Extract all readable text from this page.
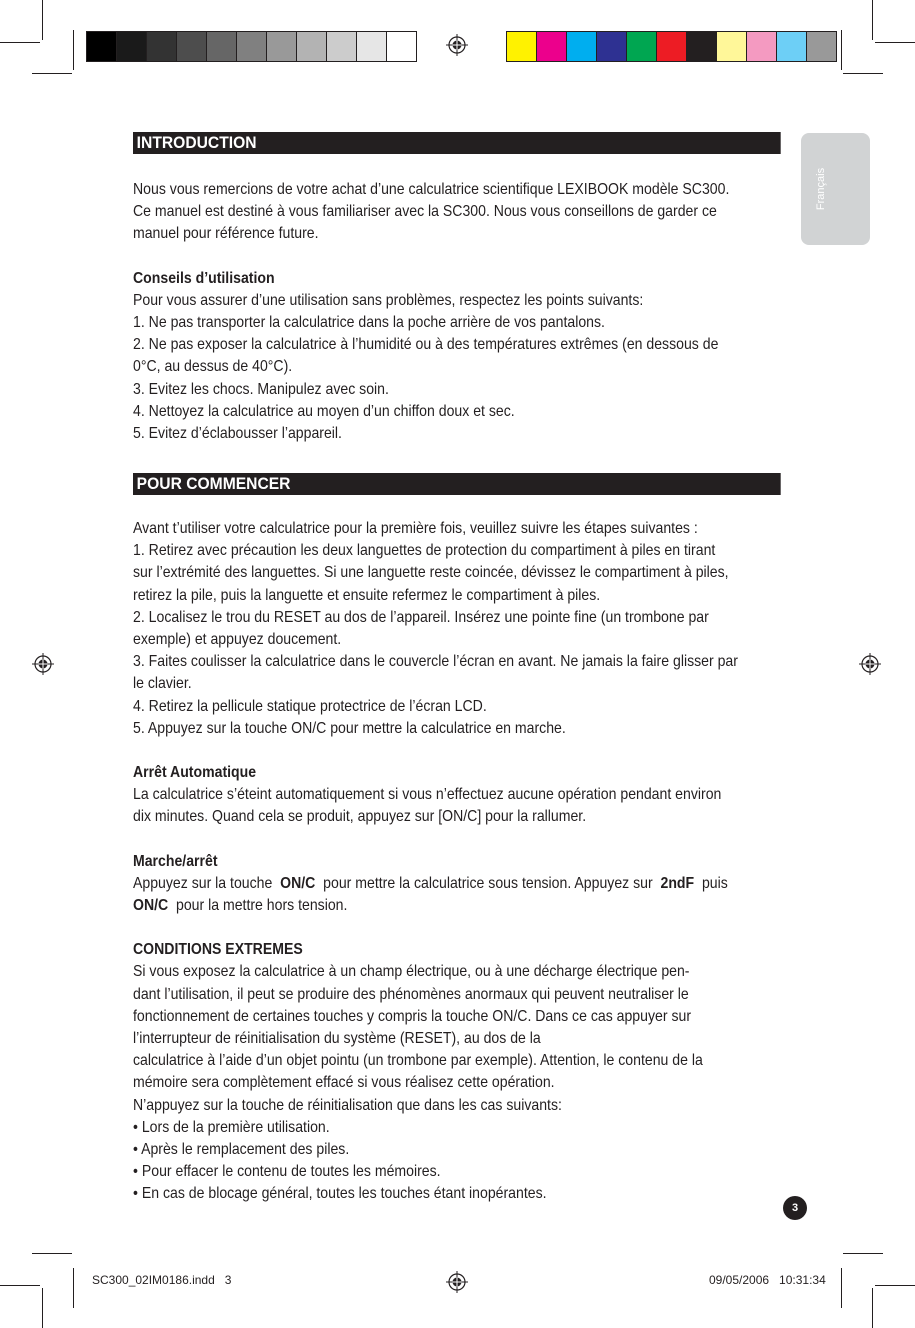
Français
INTRODUCTION

Nous vous remercions de votre achat d’une calculatrice scientifique LEXIBOOK modèle SC300.

Ce manuel est destiné à vous familiariser avec la SC300. Nous vous conseillons de garder ce

manuel pour référence future.

Conseils d’utilisation

Pour vous assurer d’une utilisation sans problèmes, respectez les points suivants:

1. Ne pas transporter la calculatrice dans la poche arrière de vos pantalons.

2. Ne pas exposer la calculatrice à l’humidité ou à des températures extrêmes (en dessous de

0°C, au dessus de 40°C).

3. Evitez les chocs. Manipulez avec soin.

4. Nettoyez la calculatrice au moyen d’un chiffon doux et sec.

5. Evitez d’éclabousser l’appareil.

POUR COMMENCER

Avant t’utiliser votre calculatrice pour la première fois, veuillez suivre les étapes suivantes :

1. Retirez avec précaution les deux languettes de protection du compartiment à piles en tirant

sur l’extrémité des languettes. Si une languette reste coincée, dévissez le compartiment à piles,

retirez la pile, puis la languette et ensuite refermez le compartiment à piles.

2. Localisez le trou du RESET au dos de l’appareil. Insérez une pointe fine (un trombone par

exemple) et appuyez doucement.

3. Faites coulisser la calculatrice dans le couvercle l’écran en avant. Ne jamais la faire glisser par

le clavier.

4. Retirez la pellicule statique protectrice de l’écran LCD.

5. Appuyez sur la touche ON/C pour mettre la calculatrice en marche.

Arrêt Automatique

La calculatrice s’éteint automatiquement si vous n’effectuez aucune opération pendant environ

dix minutes. Quand cela se produit, appuyez sur [ON/C] pour la rallumer.

Marche/arrêt

Appuyez sur la touche  ON/C  pour mettre la calculatrice sous tension. Appuyez sur  2ndF  puis

ON/C  pour la mettre hors tension.

CONDITIONS EXTREMES

Si vous exposez la calculatrice à un champ électrique, ou à une décharge électrique pen-

dant l’utilisation, il peut se produire des phénomènes anormaux qui peuvent neutraliser le

fonctionnement de certaines touches y compris la touche ON/C. Dans ce cas appuyer sur

l’interrupteur de réinitialisation du système (RESET), au dos de la

calculatrice à l’aide d’un objet pointu (un trombone par exemple). Attention, le contenu de la

mémoire sera complètement effacé si vous réalisez cette opération.

N’appuyez sur la touche de réinitialisation que dans les cas suivants:

• Lors de la première utilisation.

• Après le remplacement des piles.

• Pour effacer le contenu de toutes les mémoires.

• En cas de blocage général, toutes les touches étant inopérantes.

3
SC300_02IM0186.indd   3	09/05/2006   10:31:34
